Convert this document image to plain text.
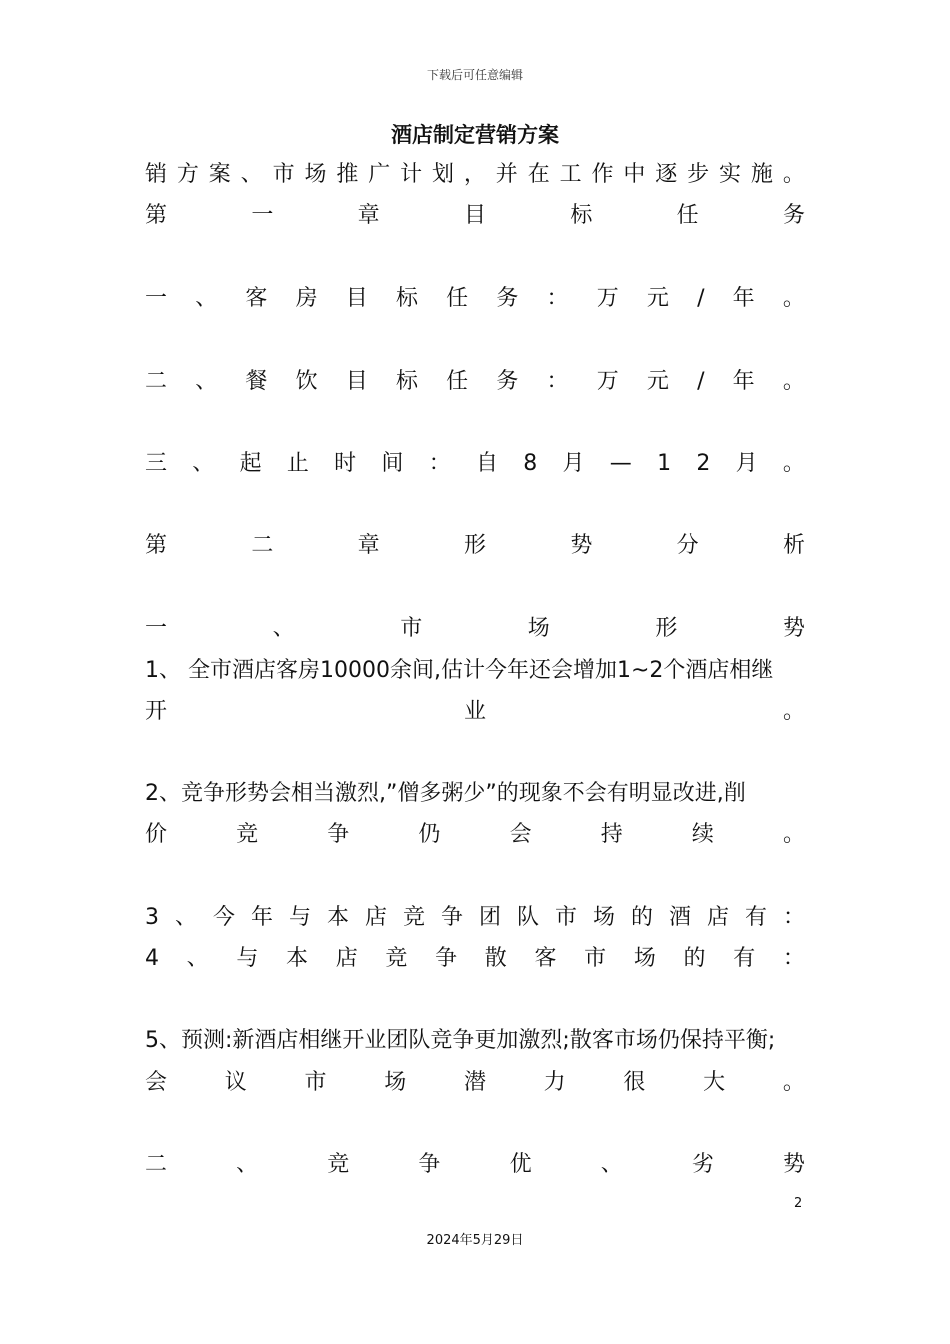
下载后可任意编辑
酒店制定营销方案
销 方 案 、 市 场 推 广 计 划 ， 并 在 工 作 中 逐 步 实 施 。
第	一	章	目	标	任	务
一 、 客 房 目 标 任 务 ： 万 元 / 年 。
二 、 餐 饮 目 标 任 务 ： 万 元 / 年 。
三 、 起 止 时 间 ： 自 8 月 — 1 2 月 。
第	二	章	形	势	分	析
一	、	市	场	形	势
1、 全市酒店客房10000余间,估计今年还会增加1~2个酒店相继
开	业	。
2、竞争形势会相当激烈,”僧多粥少”的现象不会有明显改进,削
价	竞	争	仍	会	持	续	。
3 、 今 年 与 本 店 竞 争 团 队 市 场 的 酒 店 有 ：
4 、 与 本 店 竞 争 散 客 市 场 的 有 ：
5、预测:新酒店相继开业团队竞争更加激烈;散客市场仍保持平衡;
会	议	市	场	潜	力	很	大	。
二	、	竞	争	优	、	劣	势
2
2024年5月29日
